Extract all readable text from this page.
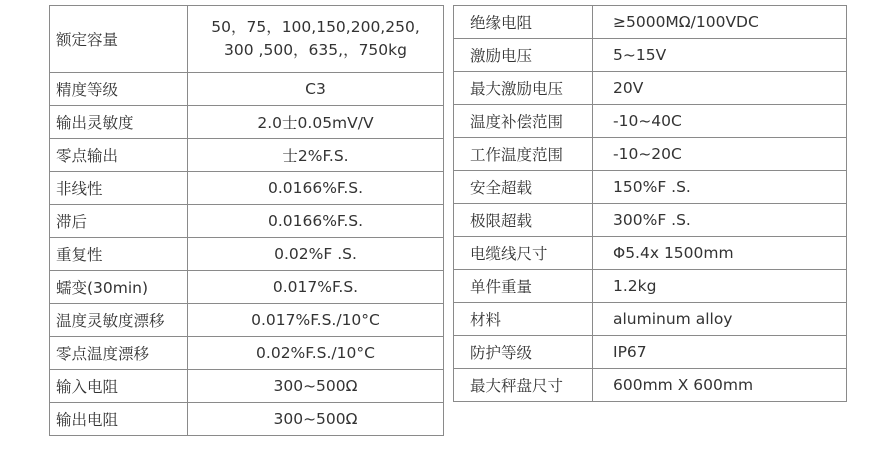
额定容量	50，75，100,150,200,250,
300 ,500，635,，750kg

精度等级	C3
输出灵敏度	2.0士0.05mV/V
零点输出	士2%F.S.
非线性	0.0166%F.S.
滞后	0.0166%F.S.
重复性	0.02%F .S.
蠕变(30min)	0.017%F.S.
温度灵敏度漂移	0.017%F.S./10°C
零点温度漂移	0.02%F.S./10°C
输入电阻	300~500Ω
输出电阻	300~500Ω
绝缘电阻	≥5000MΩ/100VDC
激励电压	5~15V
最大激励电压	20V
温度补偿范围	-10~40C
工作温度范围	-10~20C
安全超载	150%F .S.
极限超载	300%F .S.
电缆线尺寸	Φ5.4x 1500mm
单件重量	1.2kg
材料	aluminum alloy
防护等级	IP67
最大秤盘尺寸	600mm X 600mm
